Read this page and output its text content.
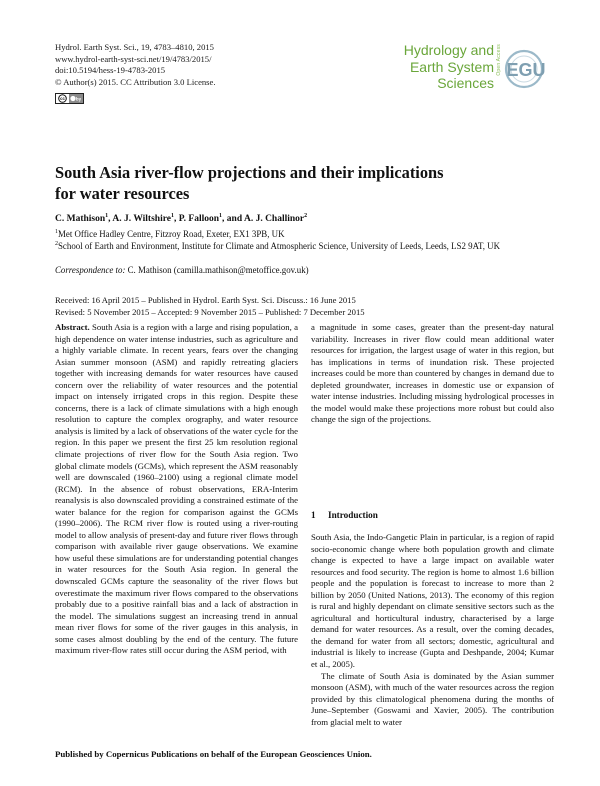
Hydrol. Earth Syst. Sci., 19, 4783–4810, 2015
www.hydrol-earth-syst-sci.net/19/4783/2015/
doi:10.5194/hess-19-4783-2015
© Author(s) 2015. CC Attribution 3.0 License.
cc by
Hydrology and
Earth System
Sciences
Open Access EGU
South Asia river-flow projections and their implications
for water resources
C. Mathison$^1$, A. J. Wiltshire$^1$, P. Falloon$^1$, and A. J. Challinor$^2$
$^1$Met Office Hadley Centre, Fitzroy Road, Exeter, EX1 3PB, UK
$^2$School of Earth and Environment, Institute for Climate and Atmospheric Science, University of Leeds, Leeds, LS2 9AT, UK
Correspondence to: C. Mathison (camilla.mathison@metoffice.gov.uk)
Received: 16 April 2015 – Published in Hydrol. Earth Syst. Sci. Discuss.: 16 June 2015
Revised: 5 November 2015 – Accepted: 9 November 2015 – Published: 7 December 2015

Abstract. South Asia is a region with a large and rising population, a high dependence on water intense industries, such as agriculture and a highly variable climate. In recent years, fears over the changing Asian summer monsoon (ASM) and rapidly retreating glaciers together with increasing demands for water resources have caused concern over the reliability of water resources and the potential impact on intensely irrigated crops in this region. Despite these concerns, there is a lack of climate simulations with a high enough resolution to capture the complex orography, and water resource analysis is limited by a lack of observations of the water cycle for the region. In this paper we present the first 25 km resolution regional climate projections of river flow for the South Asia region. Two global climate models (GCMs), which represent the ASM reasonably well are downscaled (1960–2100) using a regional climate model (RCM). In the absence of robust observations, ERA-Interim reanalysis is also downscaled providing a constrained estimate of the water balance for the region for comparison against the GCMs (1990–2006). The RCM river flow is routed using a river-routing model to allow analysis of present-day and future river flows through comparison with available river gauge observations. We examine how useful these simulations are for understanding potential changes in water resources for the South Asia region. In general the downscaled GCMs capture the seasonality of the river flows but overestimate the maximum river flows compared to the observations probably due to a positive rainfall bias and a lack of abstraction in the model. The simulations suggest an increasing trend in annual mean river flows for some of the river gauges in this analysis, in some cases almost doubling by the end of the century. The future maximum river-flow rates still occur during the ASM period, with

a magnitude in some cases, greater than the present-day natural variability. Increases in river flow could mean additional water resources for irrigation, the largest usage of water in this region, but has implications in terms of inundation risk. These projected increases could be more than countered by changes in demand due to depleted groundwater, increases in domestic use or expansion of water intense industries. Including missing hydrological processes in the model would make these projections more robust but could also change the sign of the projections.

1 Introduction

South Asia, the Indo-Gangetic Plain in particular, is a region of rapid socio-economic change where both population growth and climate change is expected to have a large impact on available water resources and food security. The region is home to almost 1.6 billion people and the population is forecast to increase to more than 2 billion by 2050 (United Nations, 2013). The economy of this region is rural and highly dependant on climate sensitive sectors such as the agricultural and horticultural industry, characterised by a large demand for water resources. As a result, over the coming decades, the demand for water from all sectors; domestic, agricultural and industrial is likely to increase (Gupta and Deshpande, 2004; Kumar et al., 2005).

The climate of South Asia is dominated by the Asian summer monsoon (ASM), with much of the water resources across the region provided by this climatological phenomena during the months of June–September (Goswami and Xavier, 2005). The contribution from glacial melt to water

Published by Copernicus Publications on behalf of the European Geosciences Union.
